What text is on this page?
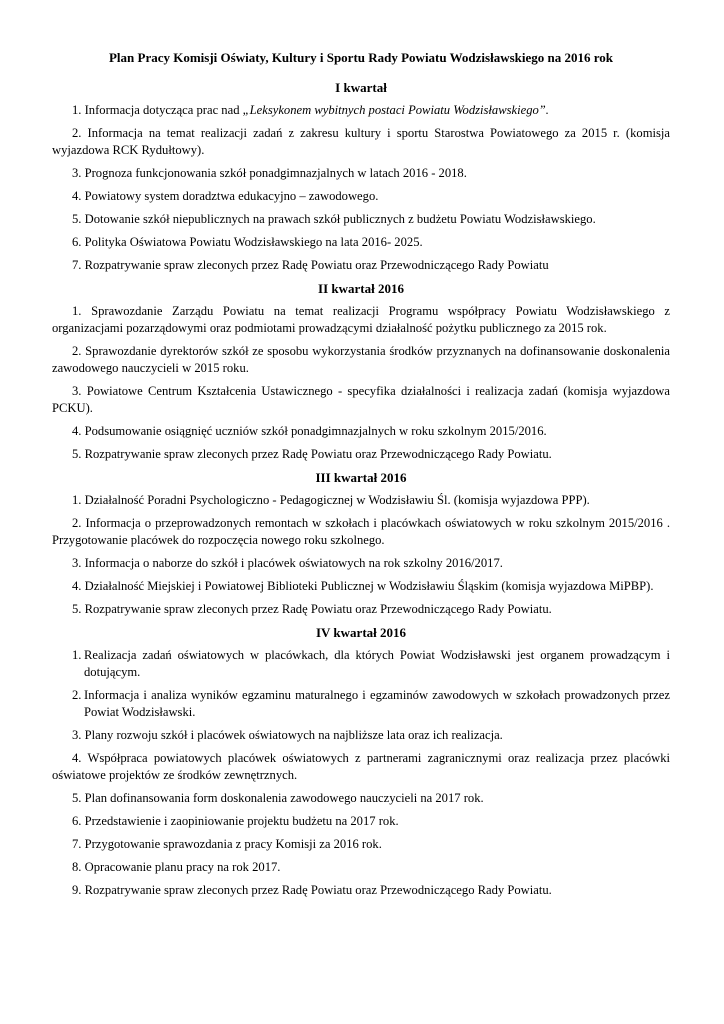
Plan Pracy Komisji Oświaty, Kultury i Sportu Rady Powiatu Wodzisławskiego na 2016 rok
I kwartał
1. Informacja dotycząca prac nad „Leksykonem wybitnych postaci Powiatu Wodzisławskiego”.
2. Informacja na temat realizacji zadań z zakresu kultury i sportu Starostwa Powiatowego za 2015 r. (komisja wyjazdowa RCK Rydułtowy).
3. Prognoza funkcjonowania szkół ponadgimnazjalnych w latach 2016 - 2018.
4. Powiatowy system doradztwa edukacyjno – zawodowego.
5. Dotowanie szkół niepublicznych na prawach szkół publicznych z budżetu Powiatu Wodzisławskiego.
6. Polityka Oświatowa Powiatu Wodzisławskiego na lata 2016- 2025.
7. Rozpatrywanie spraw zleconych przez Radę Powiatu oraz Przewodniczącego Rady Powiatu
II kwartał 2016
1. Sprawozdanie Zarządu Powiatu na temat realizacji Programu współpracy Powiatu Wodzisławskiego z organizacjami pozarządowymi oraz podmiotami prowadzącymi działalność pożytku publicznego za 2015 rok.
2. Sprawozdanie dyrektorów szkół ze sposobu wykorzystania środków przyznanych na dofinansowanie doskonalenia zawodowego nauczycieli w 2015 roku.
3. Powiatowe Centrum Kształcenia Ustawicznego - specyfika działalności i realizacja zadań (komisja wyjazdowa PCKU).
4. Podsumowanie osiągnięć uczniów szkół ponadgimnazjalnych w roku szkolnym 2015/2016.
5. Rozpatrywanie spraw zleconych przez Radę Powiatu oraz Przewodniczącego Rady Powiatu.
III kwartał 2016
1. Działalność Poradni Psychologiczno - Pedagogicznej w Wodzisławiu Śl. (komisja wyjazdowa PPP).
2. Informacja o przeprowadzonych remontach w szkołach i placówkach oświatowych w roku szkolnym 2015/2016 . Przygotowanie placówek do rozpoczęcia nowego roku szkolnego.
3. Informacja o naborze do szkół i placówek oświatowych na rok szkolny 2016/2017.
4. Działalność Miejskiej i Powiatowej Biblioteki Publicznej w Wodzisławiu Śląskim (komisja wyjazdowa MiPBP).
5. Rozpatrywanie spraw zleconych przez Radę Powiatu oraz Przewodniczącego Rady Powiatu.
IV kwartał 2016
1. Realizacja zadań oświatowych w placówkach, dla których Powiat Wodzisławski jest organem prowadzącym i dotującym.
2. Informacja i analiza wyników egzaminu maturalnego i egzaminów zawodowych w szkołach prowadzonych przez Powiat Wodzisławski.
3. Plany rozwoju szkół i placówek oświatowych na najbliższe lata oraz ich realizacja.
4. Współpraca powiatowych placówek oświatowych z partnerami zagranicznymi oraz realizacja przez placówki oświatowe projektów ze środków zewnętrznych.
5. Plan dofinansowania form doskonalenia zawodowego nauczycieli na 2017 rok.
6. Przedstawienie i zaopiniowanie projektu budżetu na 2017 rok.
7. Przygotowanie sprawozdania z pracy Komisji za 2016 rok.
8. Opracowanie planu pracy na rok 2017.
9. Rozpatrywanie spraw zleconych przez Radę Powiatu oraz Przewodniczącego Rady Powiatu.
